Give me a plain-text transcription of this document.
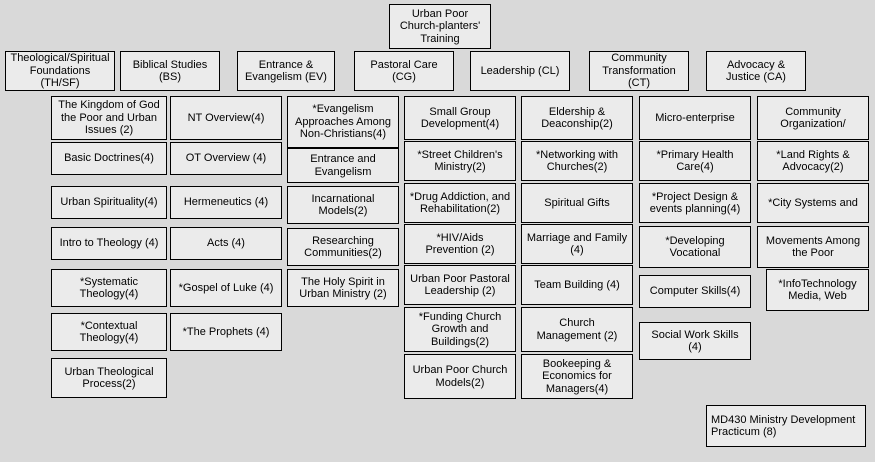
Urban Poor Church-planters' Training
Theological/Spiritual Foundations (TH/SF)
Biblical Studies (BS)
Entrance & Evangelism (EV)
Pastoral Care (CG)
Leadership (CL)
Community Transformation (CT)
Advocacy & Justice (CA)
The Kingdom of God the Poor and Urban Issues (2)
Basic Doctrines(4)
Urban Spirituality(4)
Intro to Theology (4)
*Systematic Theology(4)
*Contextual Theology(4)
Urban Theological Process(2)
NT Overview(4)
OT Overview (4)
Hermeneutics (4)
Acts (4)
*Gospel of Luke (4)
*The Prophets (4)
*Evangelism Approaches Among Non-Christians(4)
Entrance and Evangelism
Incarnational Models(2)
Researching Communities(2)
The Holy Spirit in Urban Ministry (2)
Small Group Development(4)
*Street Children's Ministry(2)
*Drug Addiction, and Rehabilitation(2)
*HIV/Aids Prevention (2)
Urban Poor Pastoral Leadership (2)
*Funding Church Growth and Buildings(2)
Urban Poor Church Models(2)
Eldership & Deaconship(2)
*Networking with Churches(2)
Spiritual Gifts
Marriage and Family (4)
Team Building (4)
Church Management (2)
Bookeeping & Economics for Managers(4)
Micro-enterprise
*Primary Health Care(4)
*Project Design & events planning(4)
*Developing Vocational
Computer Skills(4)
Social Work Skills (4)
Community Organization/
*Land Rights & Advocacy(2)
*City Systems and
Movements Among the Poor
*InfoTechnology Media, Web
MD430 Ministry Development Practicum (8)
